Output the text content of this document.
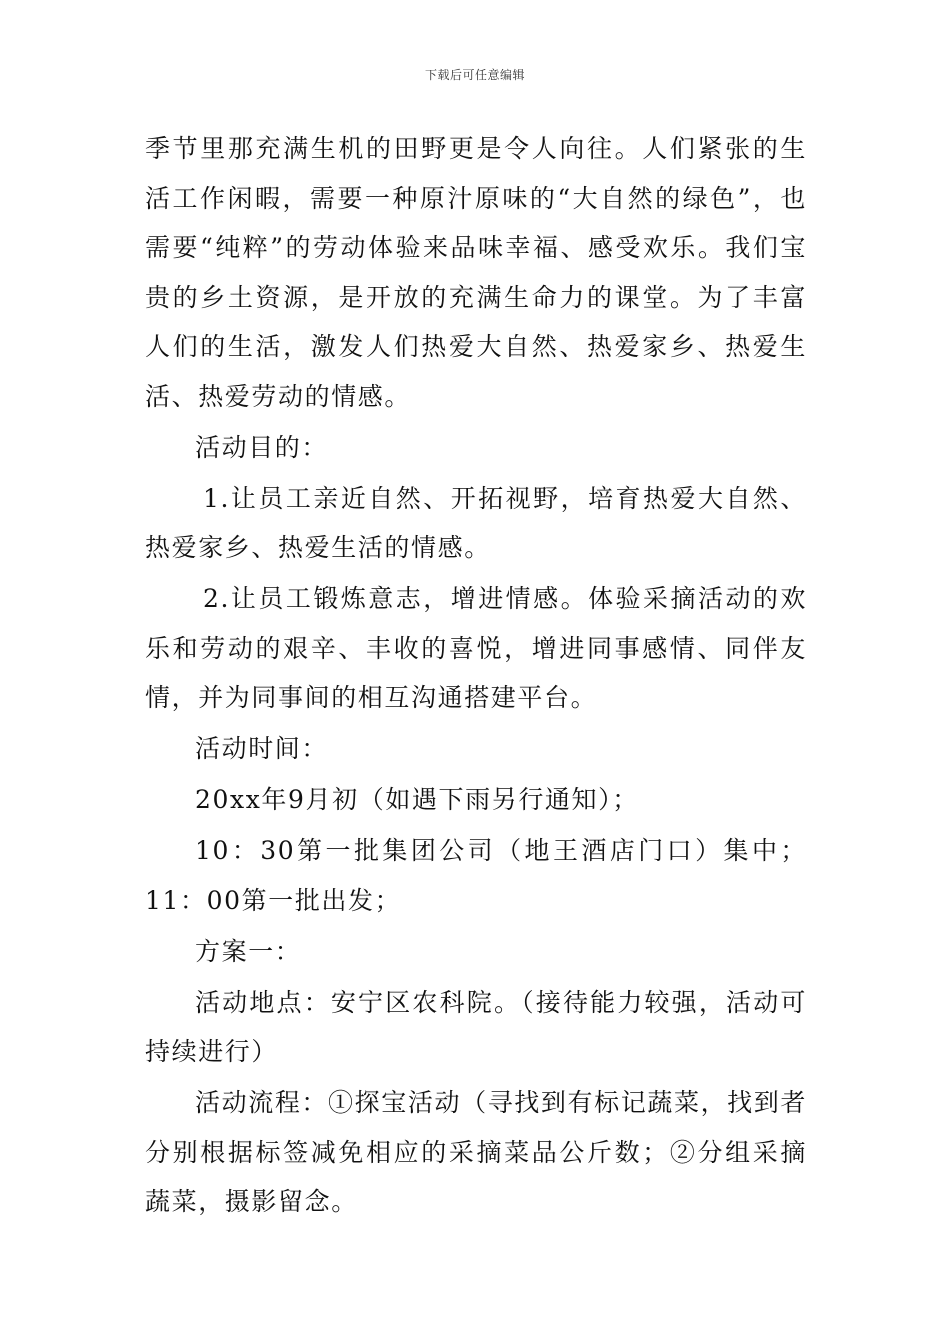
下载后可任意编辑

季节里那充满生机的田野更是令人向往。人们紧张的生活工作闲暇，需要一种原汁原味的“大自然的绿色”，也需要“纯粹”的劳动体验来品味幸福、感受欢乐。我们宝贵的乡土资源，是开放的充满生命力的课堂。为了丰富人们的生活，激发人们热爱大自然、热爱家乡、热爱生活、热爱劳动的情感。

活动目的：

1.让员工亲近自然、开拓视野，培育热爱大自然、热爱家乡、热爱生活的情感。

2.让员工锻炼意志，增进情感。体验采摘活动的欢乐和劳动的艰辛、丰收的喜悦，增进同事感情、同伴友情，并为同事间的相互沟通搭建平台。

活动时间：

20xx年9月初（如遇下雨另行通知）；

10：30第一批集团公司（地王酒店门口）集中；11：00第一批出发；

方案一：

活动地点：安宁区农科院。（接待能力较强，活动可持续进行）

活动流程：①探宝活动（寻找到有标记蔬菜，找到者分别根据标签减免相应的采摘菜品公斤数；②分组采摘蔬菜，摄影留念。
